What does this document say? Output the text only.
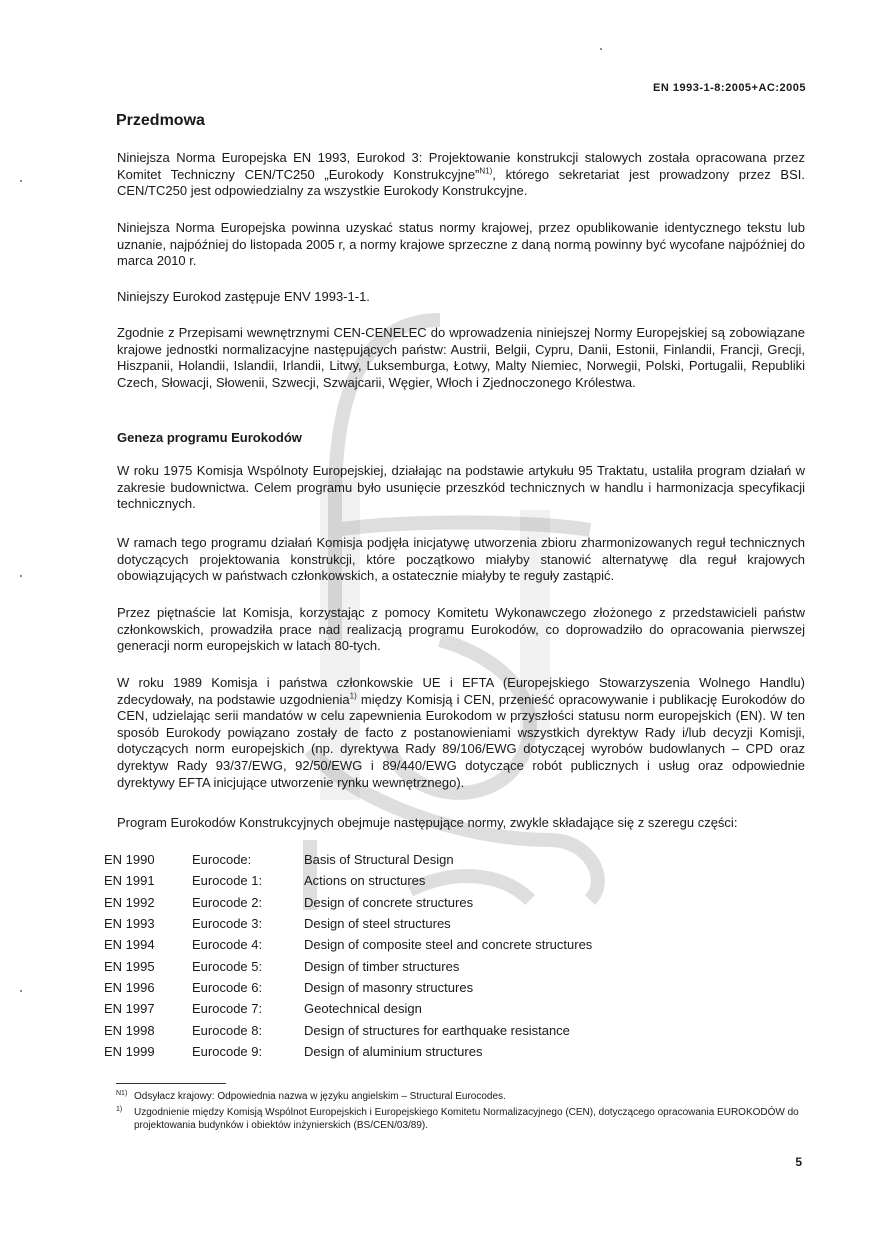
EN 1993-1-8:2005+AC:2005
Przedmowa
Niniejsza Norma Europejska EN 1993, Eurokod 3: Projektowanie konstrukcji stalowych została opracowana przez Komitet Techniczny CEN/TC250 „Eurokody Konstrukcyjne”$^{N1)}$, którego sekretariat jest prowadzony przez BSI. CEN/TC250 jest odpowiedzialny za wszystkie Eurokody Konstrukcyjne.
Niniejsza Norma Europejska powinna uzyskać status normy krajowej, przez opublikowanie identycznego tekstu lub uznanie, najpóźniej do listopada 2005 r, a normy krajowe sprzeczne z daną normą powinny być wycofane najpóźniej do marca 2010 r.
Niniejszy Eurokod zastępuje ENV 1993-1-1.
Zgodnie z Przepisami wewnętrznymi CEN-CENELEC do wprowadzenia niniejszej Normy Europejskiej są zobowiązane krajowe jednostki normalizacyjne następujących państw: Austrii, Belgii, Cypru, Danii, Estonii, Finlandii, Francji, Grecji, Hiszpanii, Holandii, Islandii, Irlandii, Litwy, Luksemburga, Łotwy, Malty Niemiec, Norwegii, Polski, Portugalii, Republiki Czech, Słowacji, Słowenii, Szwecji, Szwajcarii, Węgier, Włoch i Zjednoczonego Królestwa.
Geneza programu Eurokodów
W roku 1975 Komisja Wspólnoty Europejskiej, działając na podstawie artykułu 95 Traktatu, ustaliła program działań w zakresie budownictwa. Celem programu było usunięcie przeszkód technicznych w handlu i harmonizacja specyfikacji technicznych.
W ramach tego programu działań Komisja podjęła inicjatywę utworzenia zbioru zharmonizowanych reguł technicznych dotyczących projektowania konstrukcji, które początkowo miałyby stanowić alternatywę dla reguł krajowych obowiązujących w państwach członkowskich, a ostatecznie miałyby te reguły zastąpić.
Przez piętnaście lat Komisja, korzystając z pomocy Komitetu Wykonawczego złożonego z przedstawicieli państw członkowskich, prowadziła prace nad realizacją programu Eurokodów, co doprowadziło do opracowania pierwszej generacji norm europejskich w latach 80-tych.
W roku 1989 Komisja i państwa członkowskie UE i EFTA (Europejskiego Stowarzyszenia Wolnego Handlu) zdecydowały, na podstawie uzgodnienia$^{1)}$ między Komisją i CEN, przenieść opracowywanie i publikację Eurokodów do CEN, udzielając serii mandatów w celu zapewnienia Eurokodom w przyszłości statusu norm europejskich (EN). W ten sposób Eurokody powiązano zostały de facto z postanowieniami wszystkich dyrektyw Rady i/lub decyzji Komisji, dotyczących norm europejskich (np. dyrektywa Rady 89/106/EWG dotyczącej wyrobów budowlanych – CPD oraz dyrektyw Rady 93/37/EWG, 92/50/EWG i 89/440/EWG dotyczące robót publicznych i usług oraz odpowiednie dyrektywy EFTA inicjujące utworzenie rynku wewnętrznego).
Program Eurokodów Konstrukcyjnych obejmuje następujące normy, zwykle składające się z szeregu części:
EN 1990	Eurocode:	Basis of Structural Design
EN 1991	Eurocode 1:	Actions on structures
EN 1992	Eurocode 2:	Design of concrete structures
EN 1993	Eurocode 3:	Design of steel structures
EN 1994	Eurocode 4:	Design of composite steel and concrete structures
EN 1995	Eurocode 5:	Design of timber structures
EN 1996	Eurocode 6:	Design of masonry structures
EN 1997	Eurocode 7:	Geotechnical design
EN 1998	Eurocode 8:	Design of structures for earthquake resistance
EN 1999	Eurocode 9:	Design of aluminium structures
N1) Odsyłacz krajowy: Odpowiednia nazwa w języku angielskim – Structural Eurocodes.
1)	Uzgodnienie między Komisją Wspólnot Europejskich i Europejskiego Komitetu Normalizacyjnego (CEN), dotyczącego opracowania EUROKODÓW do projektowania budynków i obiektów inżynierskich (BS/CEN/03/89).
5
